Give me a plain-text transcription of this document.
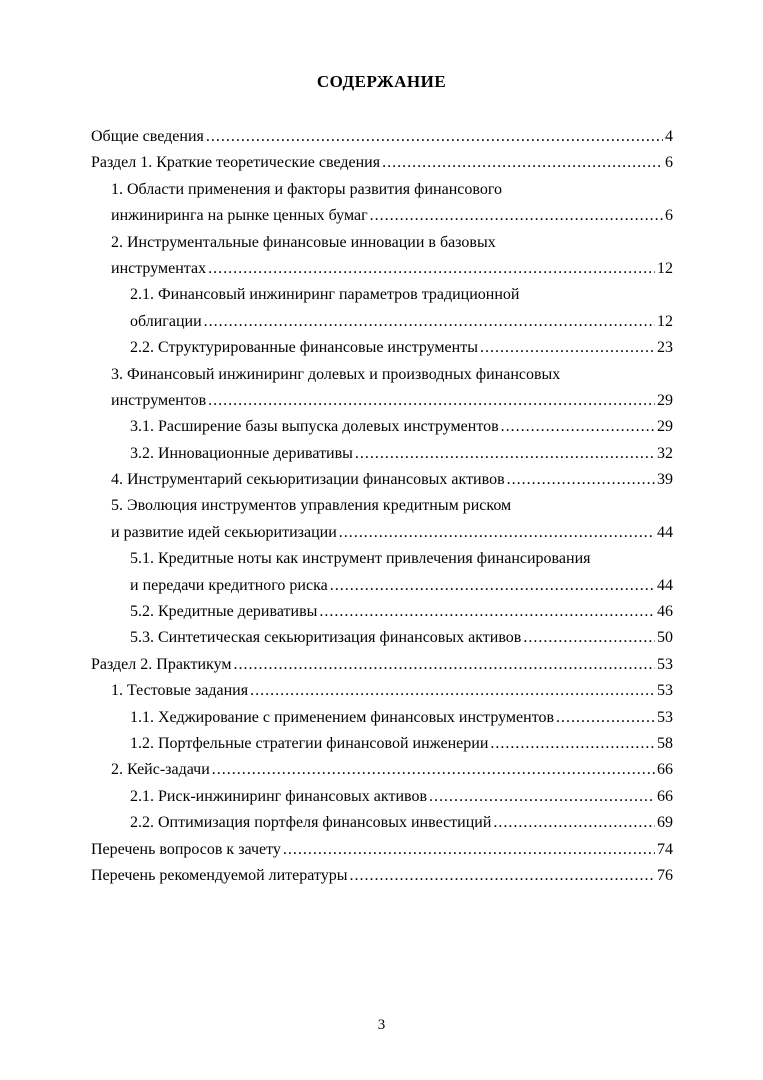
СОДЕРЖАНИЕ
Общие сведения .....	4
Раздел 1. Краткие теоретические сведения .....	6
1. Области применения и факторы развития финансового
инжиниринга на рынке ценных бумаг .....	6
2. Инструментальные финансовые инновации в базовых
инструментах .....	12
2.1. Финансовый инжиниринг параметров традиционной
облигации .....	12
2.2. Структурированные финансовые инструменты .....	23
3. Финансовый инжиниринг долевых и производных финансовых
инструментов .....	29
3.1. Расширение базы выпуска долевых инструментов .....	29
3.2. Инновационные деривативы .....	32
4. Инструментарий секьюритизации финансовых активов .....	39
5. Эволюция инструментов управления кредитным риском
и развитие идей секьюритизации .....	44
5.1. Кредитные ноты как инструмент привлечения финансирования
и передачи кредитного риска .....	44
5.2. Кредитные деривативы .....	46
5.3. Синтетическая секьюритизация финансовых активов .....	50
Раздел 2. Практикум .....	53
1. Тестовые задания .....	53
1.1. Хеджирование с применением финансовых инструментов .....	53
1.2. Портфельные стратегии финансовой инженерии .....	58
2. Кейс-задачи .....	66
2.1. Риск-инжиниринг финансовых активов .....	66
2.2. Оптимизация портфеля финансовых инвестиций .....	69
Перечень вопросов к зачету .....	74
Перечень рекомендуемой литературы .....	76
3
